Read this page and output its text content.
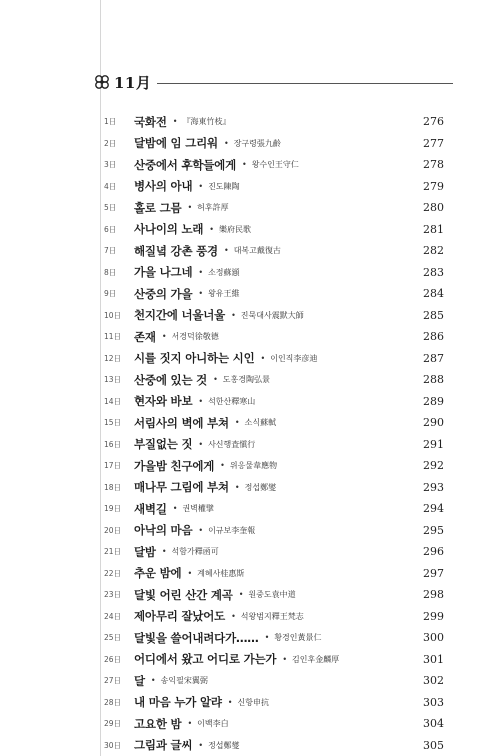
11月
1日	국화전 • 『海東竹枝』	276
2日	달밤에 임 그리워 • 장구령張九齡	277
3日	산중에서 후학들에게 • 왕수인王守仁	278
4日	병사의 아내 • 진도陳陶	279
5日	홀로 그믐 • 허후許厚	280
6日	사나이의 노래 • 樂府民歌	281
7日	해질녘 강촌 풍경 • 대복고戴復古	282
8日	가을 나그네 • 소정蘇頲	283
9日	산중의 가을 • 왕유王維	284
10日	천지간에 너울너울 • 진묵대사震默大師	285
11日	존재 • 서경덕徐敬德	286
12日	시를 짓지 아니하는 시인 • 이인직李彦迪	287
13日	산중에 있는 것 • 도홍경陶弘景	288
14日	현자와 바보 • 석한산釋寒山	289
15日	서림사의 벽에 부쳐 • 소식蘇軾	290
16日	부질없는 짓 • 사신행査愼行	291
17日	가을밤 친구에게 • 위응물韋應物	292
18日	매나무 그림에 부쳐 • 정섭鄭燮	293
19日	새벽길 • 권벽權擘	294
20日	아낙의 마음 • 이규보李奎報	295
21日	달밤 • 석함가釋函可	296
22日	추운 밤에 • 계혜사桂惠斯	297
23日	달빛 어린 산간 계곡 • 원중도袁中道	298
24日	제아무리 잘났어도 • 석왕범지釋王梵志	299
25日	달빛을 쓸어내려다가…… • 황경인黃景仁	300
26日	어디에서 왔고 어디로 가는가 • 김인후金麟厚	301
27日	달 • 송익필宋翼弼	302
28日	내 마음 누가 알랴 • 신항申抗	303
29日	고요한 밤 • 이백李白	304
30日	그림과 글씨 • 정섭鄭燮	305
